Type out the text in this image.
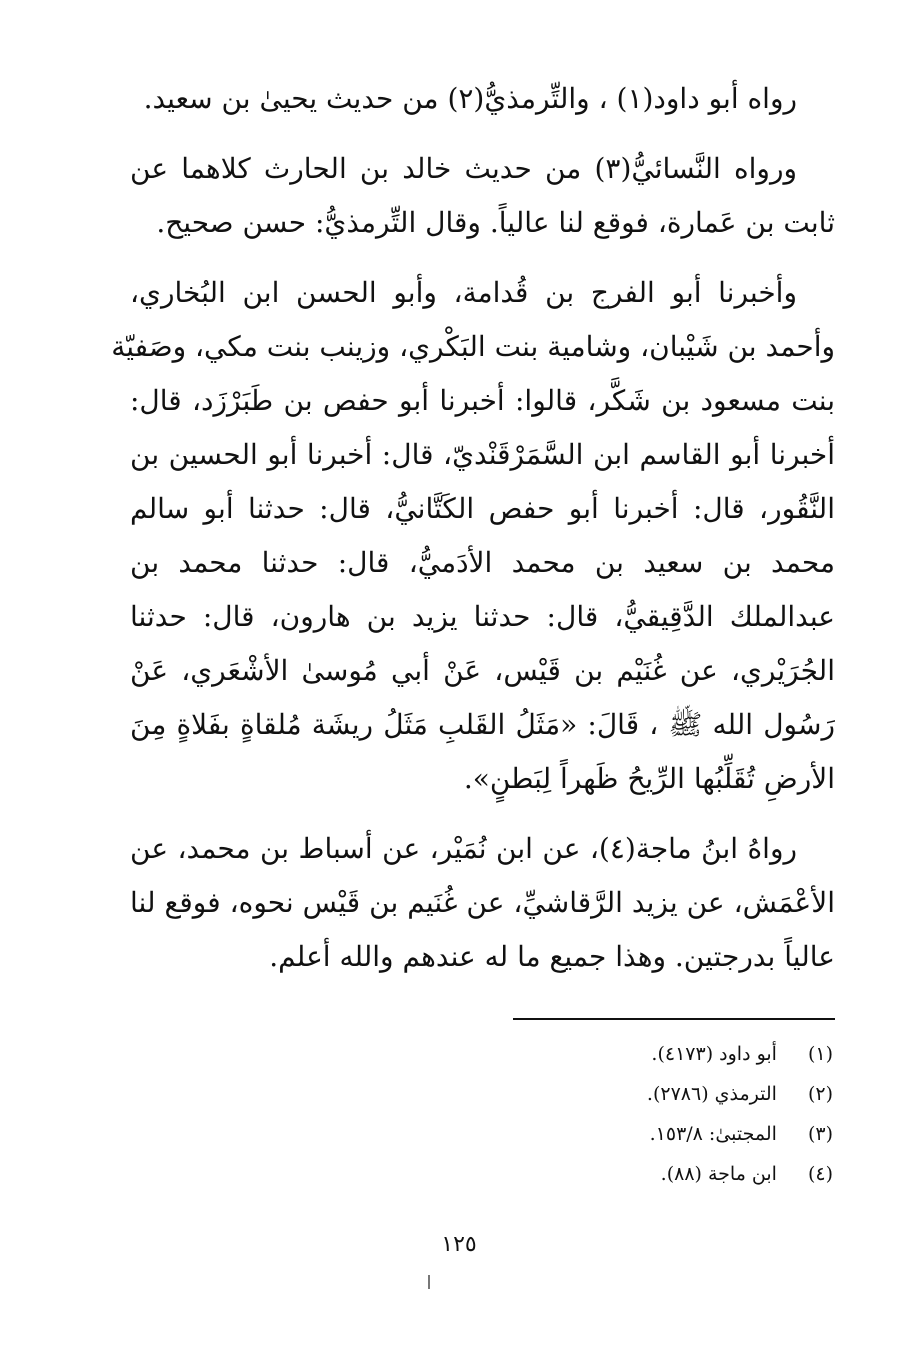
رواه أبو داود(١) ، والتِّرمذيُّ(٢) من حديث يحيىٰ بن سعيد.
ورواه النَّسائيُّ(٣) من حديث خالد بن الحارث كلاهما عن
ثابت بن عَمارة، فوقع لنا عالياً. وقال التِّرمذيُّ: حسن صحيح.
وأخبرنا أبو الفرج بن قُدامة، وأبو الحسن ابن البُخاري،
وأحمد بن شَيْبان، وشامية بنت البَكْري، وزينب بنت مكي، وصَفيّة
بنت مسعود بن شَكَّر، قالوا: أخبرنا أبو حفص بن طَبَرْزَد، قال:
أخبرنا أبو القاسم ابن السَّمَرْقَنْديّ، قال: أخبرنا أبو الحسين بن
النَّقُور، قال: أخبرنا أبو حفص الكَتَّانيُّ، قال: حدثنا أبو سالم
محمد بن سعيد بن محمد الأدَميُّ، قال: حدثنا محمد بن
عبدالملك الدَّقِيقيُّ، قال: حدثنا يزيد بن هارون، قال: حدثنا
الجُرَيْري، عن غُنَيْم بن قَيْس، عَنْ أبي مُوسىٰ الأشْعَري، عَنْ
رَسُول الله ﷺ ، قَالَ: «مَثَلُ القَلبِ مَثَلُ ريشَة مُلقاةٍ بفَلاةٍ مِنَ
الأرضِ تُقَلِّبُها الرِّيحُ ظَهراً لِبَطنٍ».
رواهُ ابنُ ماجة(٤)، عن ابن نُمَيْر، عن أسباط بن محمد، عن
الأعْمَش، عن يزيد الرَّقاشيِّ، عن غُنَيم بن قَيْس نحوه، فوقع لنا
عالياً بدرجتين. وهذا جميع ما له عندهم والله أعلم.
(١) أبو داود (٤١٧٣).
(٢) الترمذي (٢٧٨٦).
(٣) المجتبىٰ: ١٥٣/٨.
(٤) ابن ماجة (٨٨).
١٢٥
